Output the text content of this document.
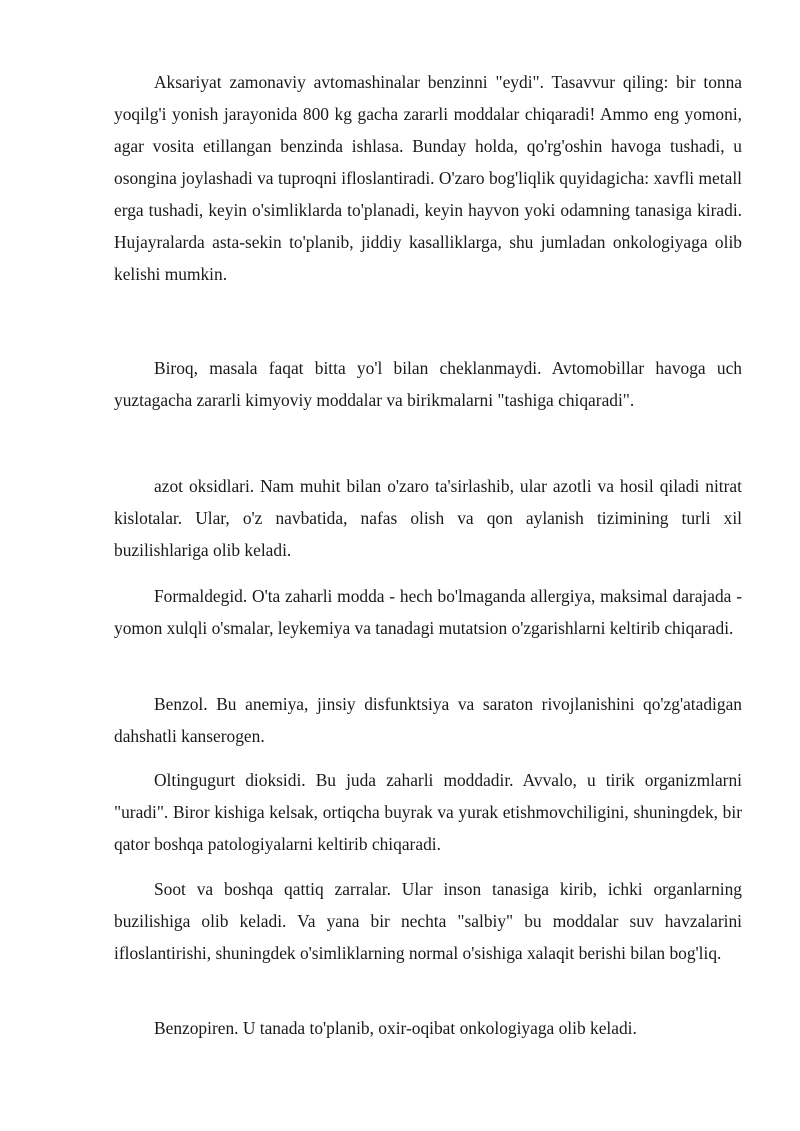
Aksariyat zamonaviy avtomashinalar benzinni "eydi". Tasavvur qiling: bir tonna yoqilg'i yonish jarayonida 800 kg gacha zararli moddalar chiqaradi! Ammo eng yomoni, agar vosita etillangan benzinda ishlasa. Bunday holda, qo'rg'oshin havoga tushadi, u osongina joylashadi va tuproqni ifloslantiradi. O'zaro bog'liqlik quyidagicha: xavfli metall erga tushadi, keyin o'simliklarda to'planadi, keyin hayvon yoki odamning tanasiga kiradi. Hujayralarda asta-sekin to'planib, jiddiy kasalliklarga, shu jumladan onkologiyaga olib kelishi mumkin.

Biroq, masala faqat bitta yo'l bilan cheklanmaydi. Avtomobillar havoga uch yuztagacha zararli kimyoviy moddalar va birikmalarni "tashiga chiqaradi".

azot oksidlari. Nam muhit bilan o'zaro ta'sirlashib, ular azotli va hosil qiladi nitrat kislotalar. Ular, o'z navbatida, nafas olish va qon aylanish tizimining turli xil buzilishlariga olib keladi.

Formaldegid. O'ta zaharli modda - hech bo'lmaganda allergiya, maksimal darajada - yomon xulqli o'smalar, leykemiya va tanadagi mutatsion o'zgarishlarni keltirib chiqaradi.

Benzol. Bu anemiya, jinsiy disfunktsiya va saraton rivojlanishini qo'zg'atadigan dahshatli kanserogen.

Oltingugurt dioksidi. Bu juda zaharli moddadir. Avvalo, u tirik organizmlarni "uradi". Biror kishiga kelsak, ortiqcha buyrak va yurak etishmovchiligini, shuningdek, bir qator boshqa patologiyalarni keltirib chiqaradi.

Soot va boshqa qattiq zarralar. Ular inson tanasiga kirib, ichki organlarning buzilishiga olib keladi. Va yana bir nechta "salbiy" bu moddalar suv havzalarini ifloslantirishi, shuningdek o'simliklarning normal o'sishiga xalaqit berishi bilan bog'liq.

Benzopiren. U tanada to'planib, oxir-oqibat onkologiyaga olib keladi.
